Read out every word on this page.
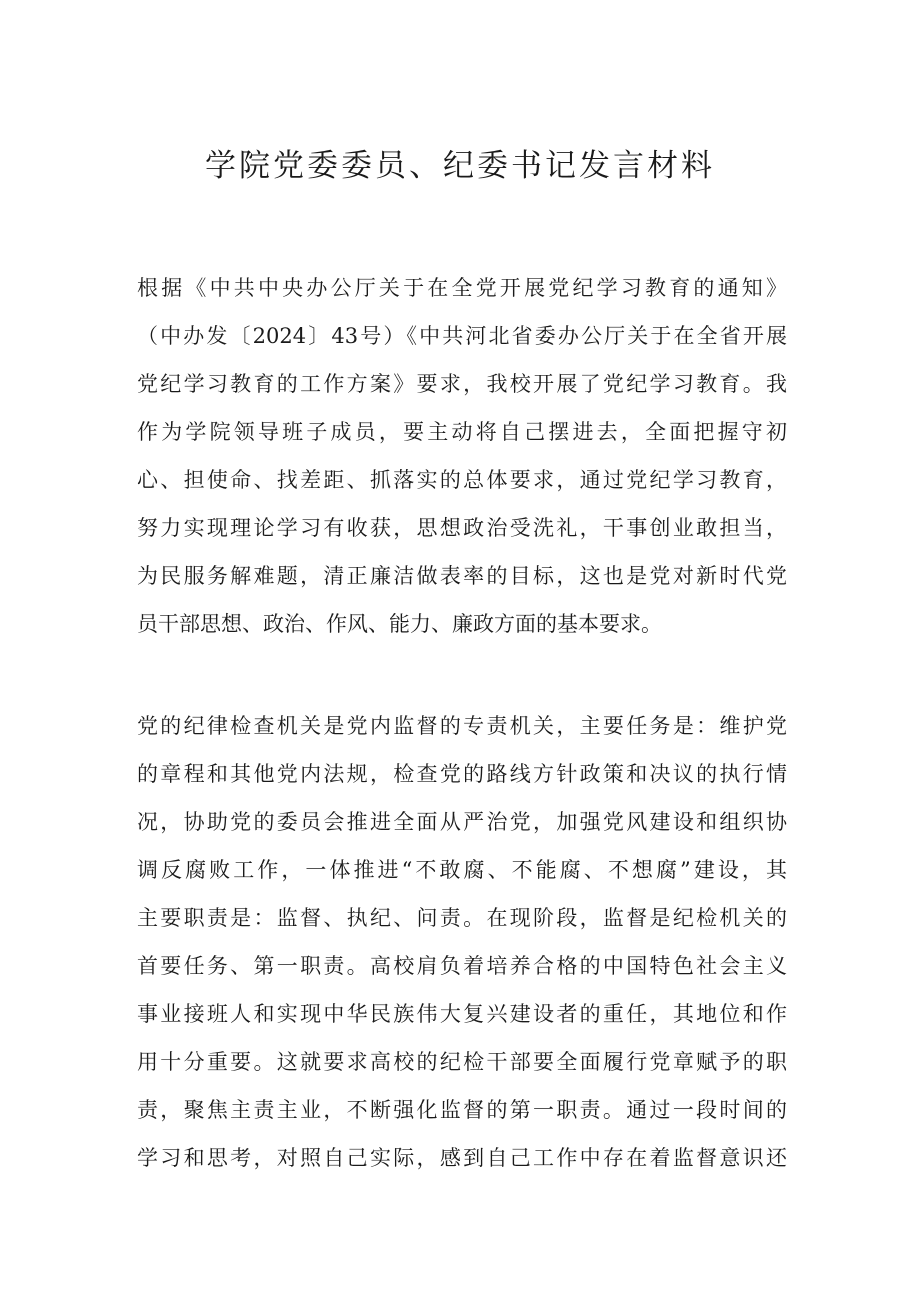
学院党委委员、纪委书记发言材料

根据《中共中央办公厅关于在全党开展党纪学习教育的通知》
（中办发〔2024〕43号）《中共河北省委办公厅关于在全省开展
党纪学习教育的工作方案》要求，我校开展了党纪学习教育。我
作为学院领导班子成员，要主动将自己摆进去，全面把握守初
心、担使命、找差距、抓落实的总体要求，通过党纪学习教育，
努力实现理论学习有收获，思想政治受洗礼，干事创业敢担当，
为民服务解难题，清正廉洁做表率的目标，这也是党对新时代党
员干部思想、政治、作风、能力、廉政方面的基本要求。

党的纪律检查机关是党内监督的专责机关，主要任务是：维护党
的章程和其他党内法规，检查党的路线方针政策和决议的执行情
况，协助党的委员会推进全面从严治党，加强党风建设和组织协
调反腐败工作，一体推进“不敢腐、不能腐、不想腐”建设，其
主要职责是：监督、执纪、问责。在现阶段，监督是纪检机关的
首要任务、第一职责。高校肩负着培养合格的中国特色社会主义
事业接班人和实现中华民族伟大复兴建设者的重任，其地位和作
用十分重要。这就要求高校的纪检干部要全面履行党章赋予的职
责，聚焦主责主业，不断强化监督的第一职责。通过一段时间的
学习和思考，对照自己实际，感到自己工作中存在着监督意识还
